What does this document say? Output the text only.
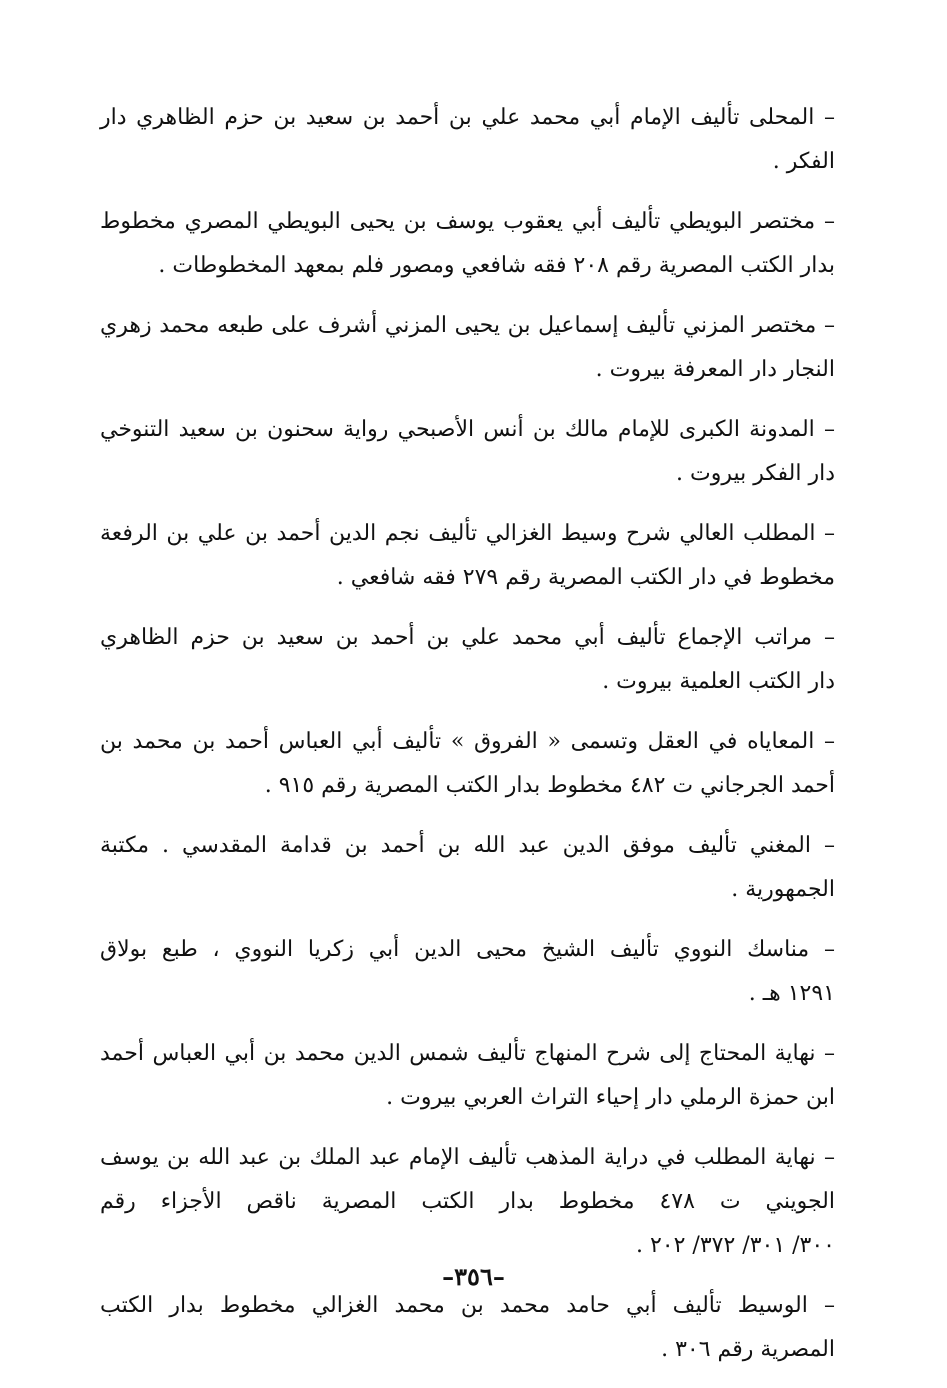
– المحلى تأليف الإمام أبي محمد علي بن أحمد بن سعيد بن حزم الظاهري دار
الفكر .
– مختصر البويطي تأليف أبي يعقوب يوسف بن يحيى البويطي المصري مخطوط
بدار الكتب المصرية رقم ٢٠٨ فقه شافعي ومصور فلم بمعهد المخطوطات .
– مختصر المزني تأليف إسماعيل بن يحيى المزني أشرف على طبعه محمد زهري
النجار دار المعرفة بيروت .
– المدونة الكبرى للإمام مالك بن أنس الأصبحي رواية سحنون بن سعيد التنوخي
دار الفكر بيروت .
– المطلب العالي شرح وسيط الغزالي تأليف نجم الدين أحمد بن علي بن الرفعة
مخطوط في دار الكتب المصرية رقم ٢٧٩ فقه شافعي .
– مراتب الإجماع تأليف أبي محمد علي بن أحمد بن سعيد بن حزم الظاهري
دار الكتب العلمية بيروت .
– المعاياه في العقل وتسمى « الفروق » تأليف أبي العباس أحمد بن محمد بن
أحمد الجرجاني ت ٤٨٢ مخطوط بدار الكتب المصرية رقم ٩١٥ .
– المغني تأليف موفق الدين عبد الله بن أحمد بن قدامة المقدسي . مكتبة
الجمهورية .
– مناسك النووي تأليف الشيخ محيى الدين أبي زكريا النووي ، طبع بولاق
١٢٩١ هـ .
– نهاية المحتاج إلى شرح المنهاج تأليف شمس الدين محمد بن أبي العباس أحمد
ابن حمزة الرملي دار إحياء التراث العربي بيروت .
– نهاية المطلب في دراية المذهب تأليف الإمام عبد الملك بن عبد الله بن يوسف
الجويني ت ٤٧٨ مخطوط بدار الكتب المصرية ناقص الأجزاء رقم
٣٠٠/ ٣٠١/ ٣٧٢/ ٢٠٢ .
– الوسيط تأليف أبي حامد محمد بن محمد الغزالي مخطوط بدار الكتب
المصرية رقم ٣٠٦ .
–٣٥٦–
